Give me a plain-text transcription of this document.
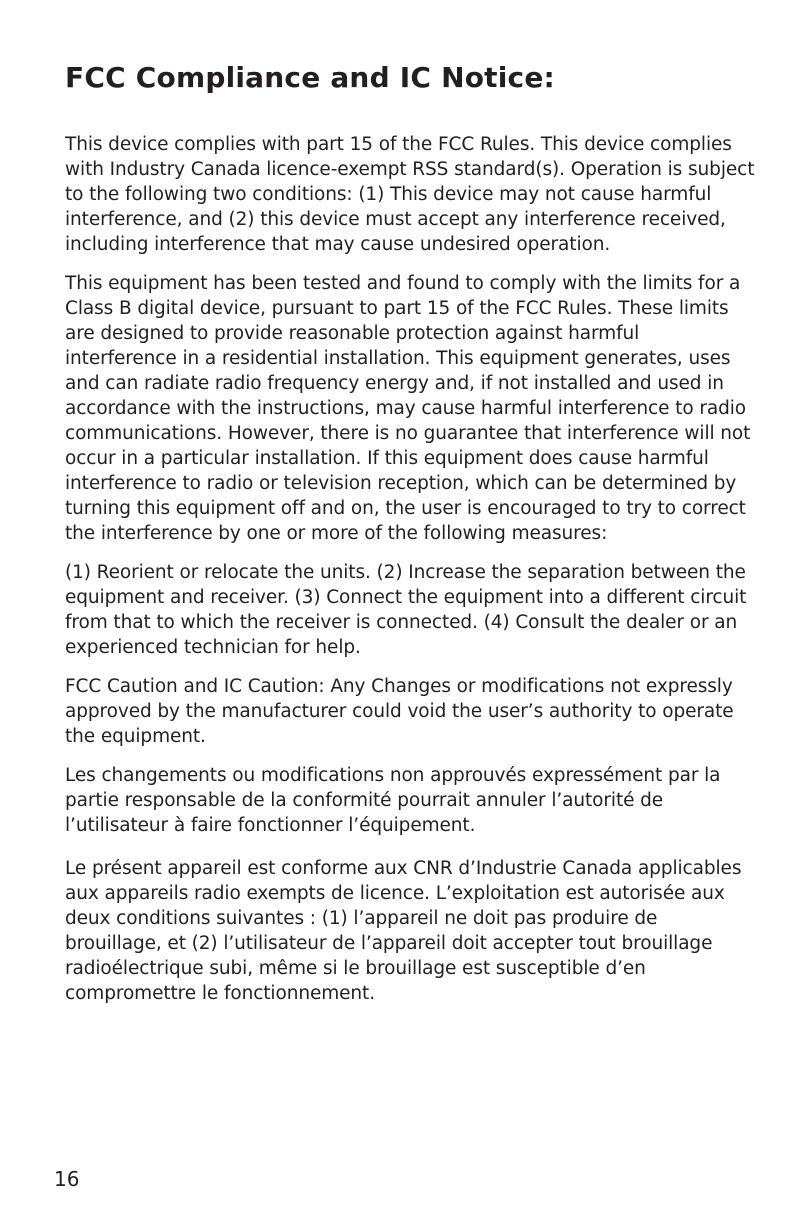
FCC Compliance and IC Notice:

This device complies with part 15 of the FCC Rules. This device complies with Industry Canada licence-exempt RSS standard(s). Operation is subject to the following two conditions: (1) This device may not cause harmful interference, and (2) this device must accept any interference received, including interference that may cause undesired operation.

This equipment has been tested and found to comply with the limits for a Class B digital device, pursuant to part 15 of the FCC Rules. These limits are designed to provide reasonable protection against harmful interference in a residential installation. This equipment generates, uses and can radiate radio frequency energy and, if not installed and used in accordance with the instructions, may cause harmful interference to radio communications. However, there is no guarantee that interference will not occur in a particular installation. If this equipment does cause harmful interference to radio or television reception, which can be determined by turning this equipment off and on, the user is encouraged to try to correct the interference by one or more of the following measures:

(1) Reorient or relocate the units. (2) Increase the separation between the equipment and receiver. (3) Connect the equipment into a different circuit from that to which the receiver is connected. (4) Consult the dealer or an experienced technician for help.

FCC Caution and IC Caution: Any Changes or modifications not expressly approved by the manufacturer could void the user’s authority to operate the equipment.

Les changements ou modifications non approuvés expressément par la partie responsable de la conformité pourrait annuler l’autorité de l’utilisateur à faire fonctionner l’équipement.

Le présent appareil est conforme aux CNR d’Industrie Canada applicables aux appareils radio exempts de licence. L’exploitation est autorisée aux deux conditions suivantes : (1) l’appareil ne doit pas produire de brouillage, et (2) l’utilisateur de l’appareil doit accepter tout brouillage radioélectrique subi, même si le brouillage est susceptible d’en compromettre le fonctionnement.

16
